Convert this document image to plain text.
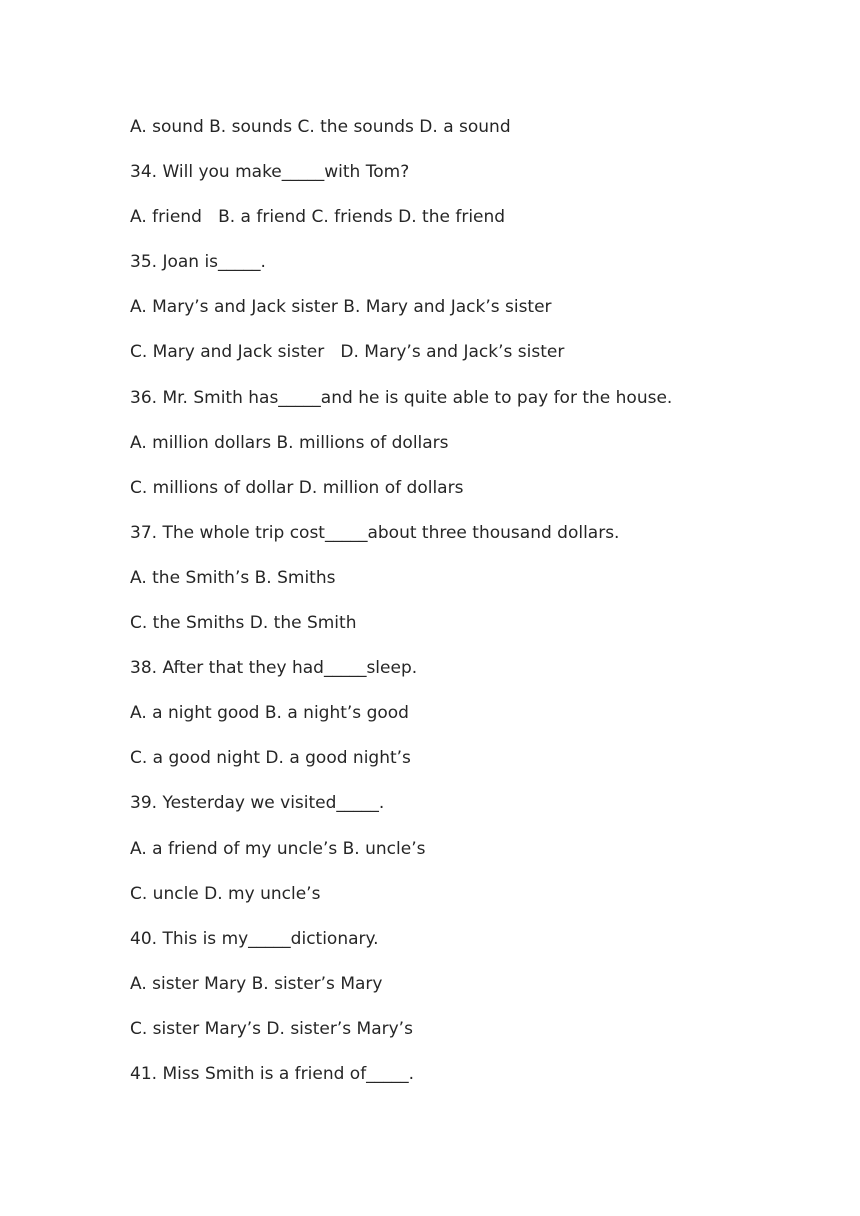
A. sound B. sounds C. the sounds D. a sound
34. Will you make_____with Tom?
A. friend   B. a friend C. friends D. the friend
35. Joan is_____.
A. Mary’s and Jack sister B. Mary and Jack’s sister
C. Mary and Jack sister   D. Mary’s and Jack’s sister
36. Mr. Smith has_____and he is quite able to pay for the house.
A. million dollars B. millions of dollars
C. millions of dollar D. million of dollars
37. The whole trip cost_____about three thousand dollars.
A. the Smith’s B. Smiths
C. the Smiths D. the Smith
38. After that they had_____sleep.
A. a night good B. a night’s good
C. a good night D. a good night’s
39. Yesterday we visited_____.
A. a friend of my uncle’s B. uncle’s
C. uncle D. my uncle’s
40. This is my_____dictionary.
A. sister Mary B. sister’s Mary
C. sister Mary’s D. sister’s Mary’s
41. Miss Smith is a friend of_____.
